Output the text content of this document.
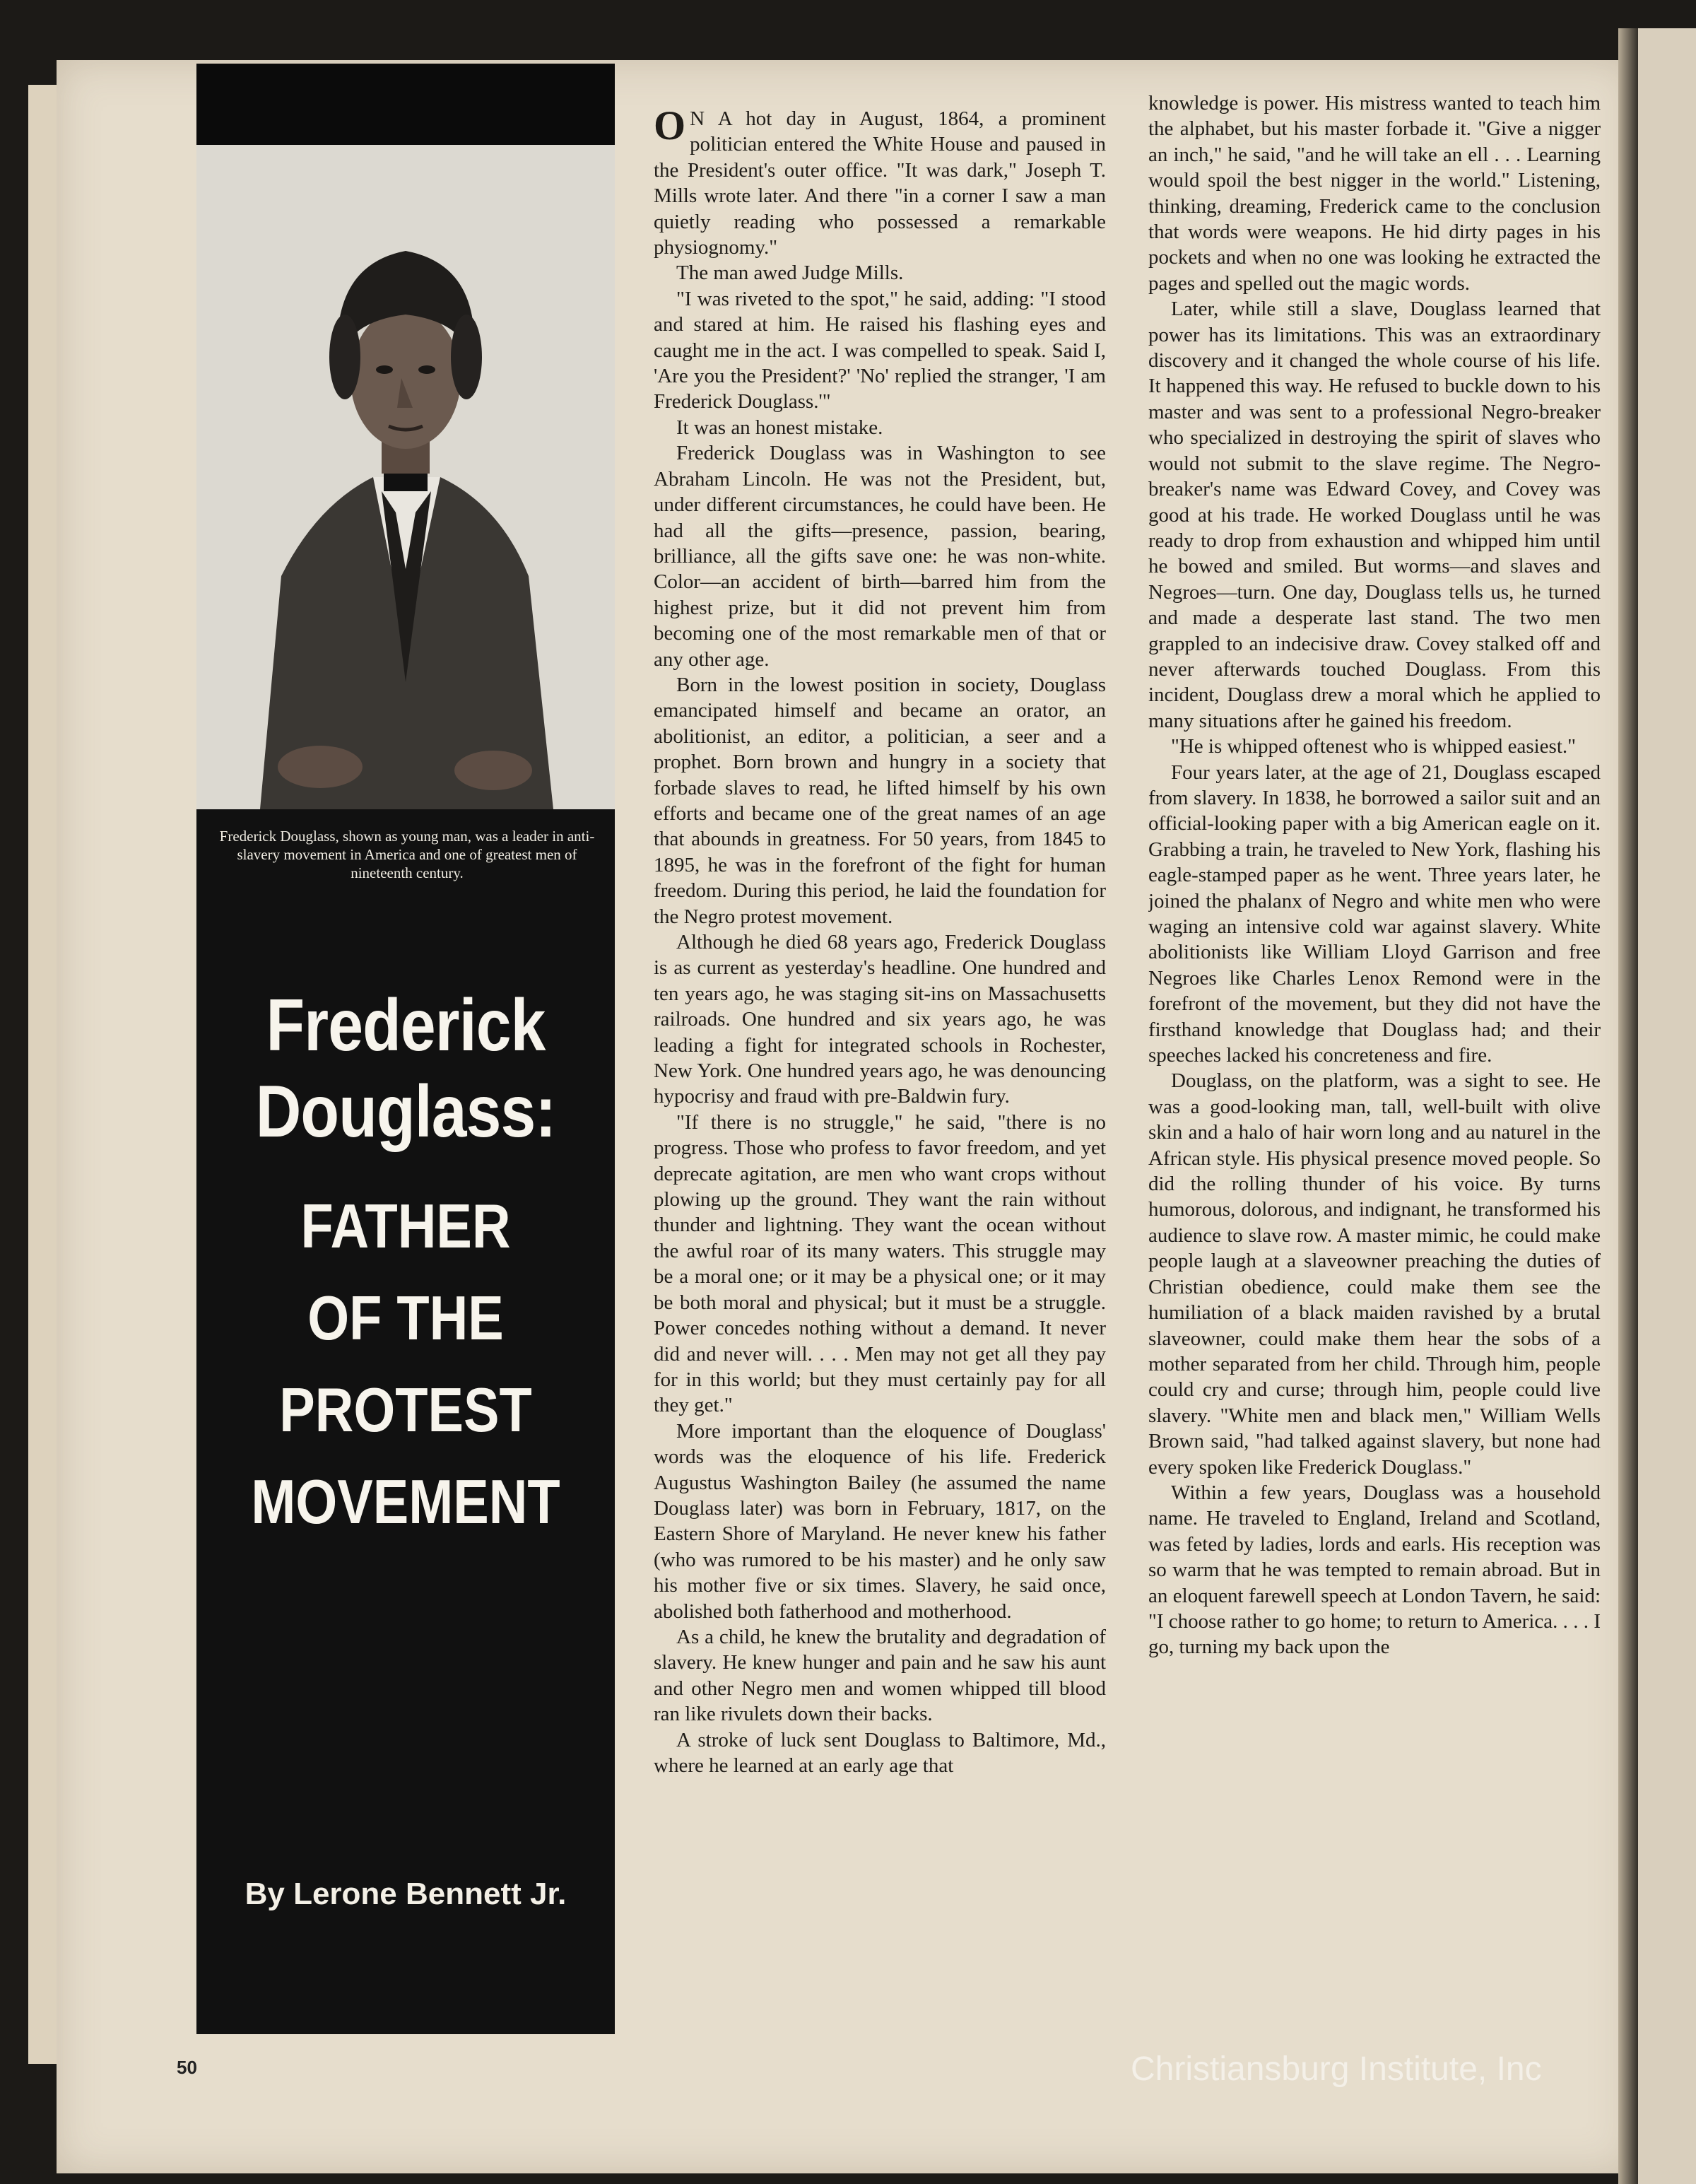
Frederick Douglass, shown as young man, was a leader in anti-slavery movement in America and one of greatest men of nineteenth century.
Frederick
Douglass:
FATHER
OF THE
PROTEST
MOVEMENT
By Lerone Bennett Jr.

O N A hot day in August, 1864, a prominent politician entered the White House and paused in the President's outer office. "It was dark," Joseph T. Mills wrote later. And there "in a corner I saw a man quietly reading who possessed a remarkable physiognomy."

The man awed Judge Mills.

"I was riveted to the spot," he said, adding: "I stood and stared at him. He raised his flashing eyes and caught me in the act. I was compelled to speak. Said I, 'Are you the President?' 'No' replied the stranger, 'I am Frederick Douglass.'"

It was an honest mistake.

Frederick Douglass was in Washington to see Abraham Lincoln. He was not the President, but, under different circumstances, he could have been. He had all the gifts—presence, passion, bearing, brilliance, all the gifts save one: he was non-white. Color—an accident of birth—barred him from the highest prize, but it did not prevent him from becoming one of the most remarkable men of that or any other age.

Born in the lowest position in society, Douglass emancipated himself and became an orator, an abolitionist, an editor, a politician, a seer and a prophet. Born brown and hungry in a society that forbade slaves to read, he lifted himself by his own efforts and became one of the great names of an age that abounds in greatness. For 50 years, from 1845 to 1895, he was in the forefront of the fight for human freedom. During this period, he laid the foundation for the Negro protest movement.

Although he died 68 years ago, Frederick Douglass is as current as yesterday's headline. One hundred and ten years ago, he was staging sit-ins on Massachusetts railroads. One hundred and six years ago, he was leading a fight for integrated schools in Rochester, New York. One hundred years ago, he was denouncing hypocrisy and fraud with pre-Baldwin fury.

"If there is no struggle," he said, "there is no progress. Those who profess to favor freedom, and yet deprecate agitation, are men who want crops without plowing up the ground. They want the rain without thunder and lightning. They want the ocean without the awful roar of its many waters. This struggle may be a moral one; or it may be a physical one; or it may be both moral and physical; but it must be a struggle. Power concedes nothing without a demand. It never did and never will. . . . Men may not get all they pay for in this world; but they must certainly pay for all they get."

More important than the eloquence of Douglass' words was the eloquence of his life. Frederick Augustus Washington Bailey (he assumed the name Douglass later) was born in February, 1817, on the Eastern Shore of Maryland. He never knew his father (who was rumored to be his master) and he only saw his mother five or six times. Slavery, he said once, abolished both fatherhood and motherhood.

As a child, he knew the brutality and degradation of slavery. He knew hunger and pain and he saw his aunt and other Negro men and women whipped till blood ran like rivulets down their backs.

A stroke of luck sent Douglass to Baltimore, Md., where he learned at an early age that

knowledge is power. His mistress wanted to teach him the alphabet, but his master forbade it. "Give a nigger an inch," he said, "and he will take an ell . . . Learning would spoil the best nigger in the world." Listening, thinking, dreaming, Frederick came to the conclusion that words were weapons. He hid dirty pages in his pockets and when no one was looking he extracted the pages and spelled out the magic words.

Later, while still a slave, Douglass learned that power has its limitations. This was an extraordinary discovery and it changed the whole course of his life. It happened this way. He refused to buckle down to his master and was sent to a professional Negro-breaker who specialized in destroying the spirit of slaves who would not submit to the slave regime. The Negro-breaker's name was Edward Covey, and Covey was good at his trade. He worked Douglass until he was ready to drop from exhaustion and whipped him until he bowed and smiled. But worms—and slaves and Negroes—turn. One day, Douglass tells us, he turned and made a desperate last stand. The two men grappled to an indecisive draw. Covey stalked off and never afterwards touched Douglass. From this incident, Douglass drew a moral which he applied to many situations after he gained his freedom.

"He is whipped oftenest who is whipped easiest."

Four years later, at the age of 21, Douglass escaped from slavery. In 1838, he borrowed a sailor suit and an official-looking paper with a big American eagle on it. Grabbing a train, he traveled to New York, flashing his eagle-stamped paper as he went. Three years later, he joined the phalanx of Negro and white men who were waging an intensive cold war against slavery. White abolitionists like William Lloyd Garrison and free Negroes like Charles Lenox Remond were in the forefront of the movement, but they did not have the firsthand knowledge that Douglass had; and their speeches lacked his concreteness and fire.

Douglass, on the platform, was a sight to see. He was a good-looking man, tall, well-built with olive skin and a halo of hair worn long and au naturel in the African style. His physical presence moved people. So did the rolling thunder of his voice. By turns humorous, dolorous, and indignant, he transformed his audience to slave row. A master mimic, he could make people laugh at a slaveowner preaching the duties of Christian obedience, could make them see the humiliation of a black maiden ravished by a brutal slaveowner, could make them hear the sobs of a mother separated from her child. Through him, people could cry and curse; through him, people could live slavery. "White men and black men," William Wells Brown said, "had talked against slavery, but none had every spoken like Frederick Douglass."

Within a few years, Douglass was a household name. He traveled to England, Ireland and Scotland, was feted by ladies, lords and earls. His reception was so warm that he was tempted to remain abroad. But in an eloquent farewell speech at London Tavern, he said: "I choose rather to go home; to return to America. . . . I go, turning my back upon the

50	Christiansburg Institute, Inc
